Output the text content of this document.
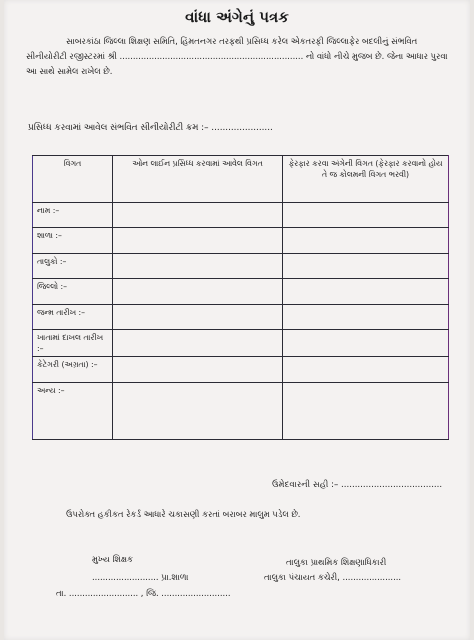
વાંધા અંગેનું પત્રક
સાબરકાંઠા જિલ્લા શિક્ષણ સમિતિ, હિંમતનગર તરફથી પ્રસિધ્ધ કરેલ એકતરફી જિલ્લાફેર બદલીનું સંભવિત સીનીયોરીટી રજીસ્ટરમાં શ્રી ..................................................................... નો વાંધો નીચે મુજબ છે. જેના આધાર પુરવા આ સાથે સામેલ રાખેલ છે.
પ્રસિધ્ધ કરવામાં આવેલ સંભવિત સીનીયોરીટી ક્રમ :– ......................
વિગત	ઓન લાઈન પ્રસિધ્ધ કરવામાં આવેલ વિગત	ફેરફાર કરવા અંગેની વિગત (ફેરફાર કરવાનો હોય તે જ કોલમની વિગત ભરવી)
નામ :–		
શાળા :–		
તાલુકો :–		
જિલ્લો :–		
જન્મ તારીખ :–		
ખાતામાં દાખલ તારીખ :–		
કેટેગરી (અગ્રતા) :–		
અન્ય :–		
ઉમેદવારની સહી :– .....................................
ઉપરોક્ત હકીકત રેકર્ડ આધારે ચકાસણી કરતાં બરાબર માલુમ પડેલ છે.
મુખ્ય શિક્ષક
......................... પ્રા.શાળા
તા. .......................... , જિ. ..........................
તાલુકા પ્રાથમિક શિક્ષણાધિકારી
તાલુકા પંચાયત કચેરી, ......................
